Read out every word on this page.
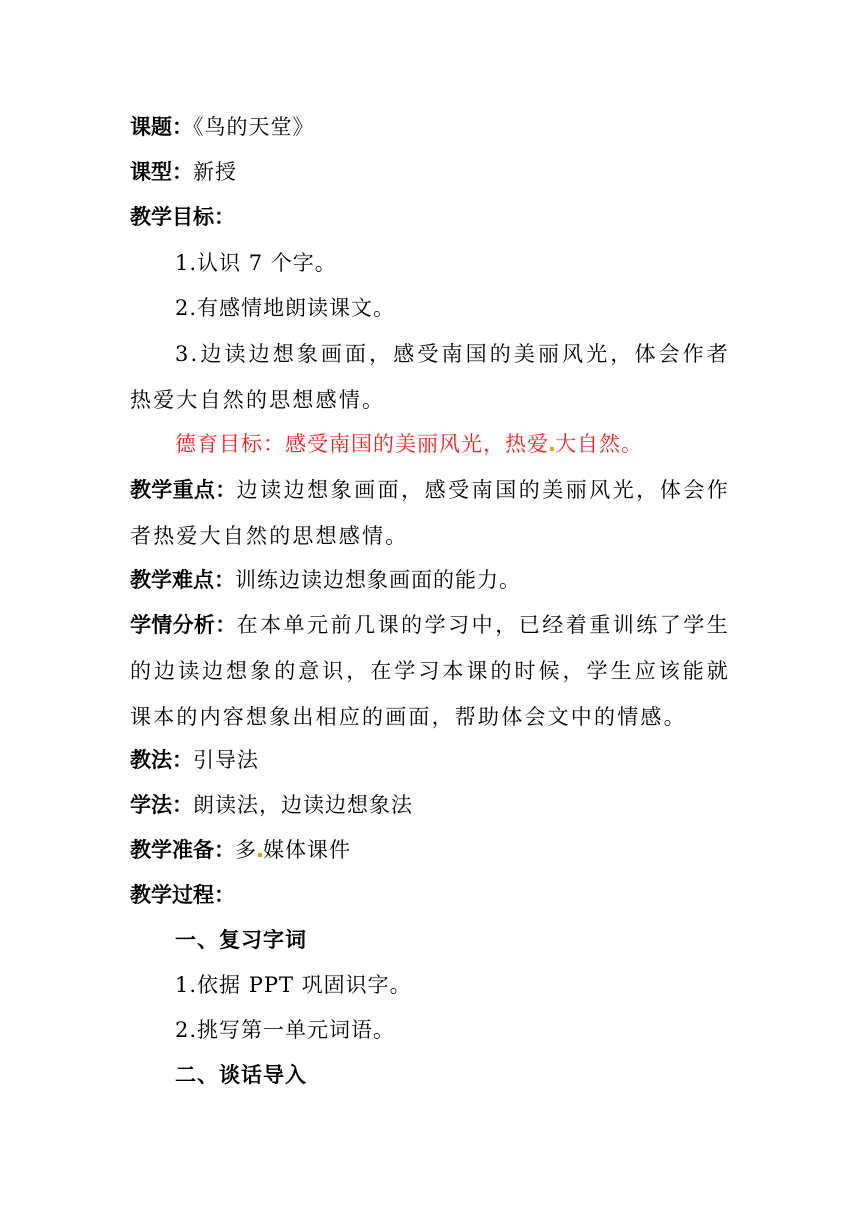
课题：《鸟的天堂》
课型：新授
教学目标：
1.认识 7 个字。
2.有感情地朗读课文。
3.边读边想象画面，感受南国的美丽风光，体会作者热爱大自然的思想感情。
德育目标：感受南国的美丽风光，热爱 大自然。
教学重点：边读边想象画面，感受南国的美丽风光，体会作者热爱大自然的思想感情。
教学难点：训练边读边想象画面的能力。
学情分析：在本单元前几课的学习中，已经着重训练了学生的边读边想象的意识，在学习本课的时候，学生应该能就课本的内容想象出相应的画面，帮助体会文中的情感。
教法：引导法
学法：朗读法，边读边想象法
教学准备：多 媒体课件
教学过程：
一、复习字词
1.依据 PPT 巩固识字。
2.挑写第一单元词语。
二、谈话导入
